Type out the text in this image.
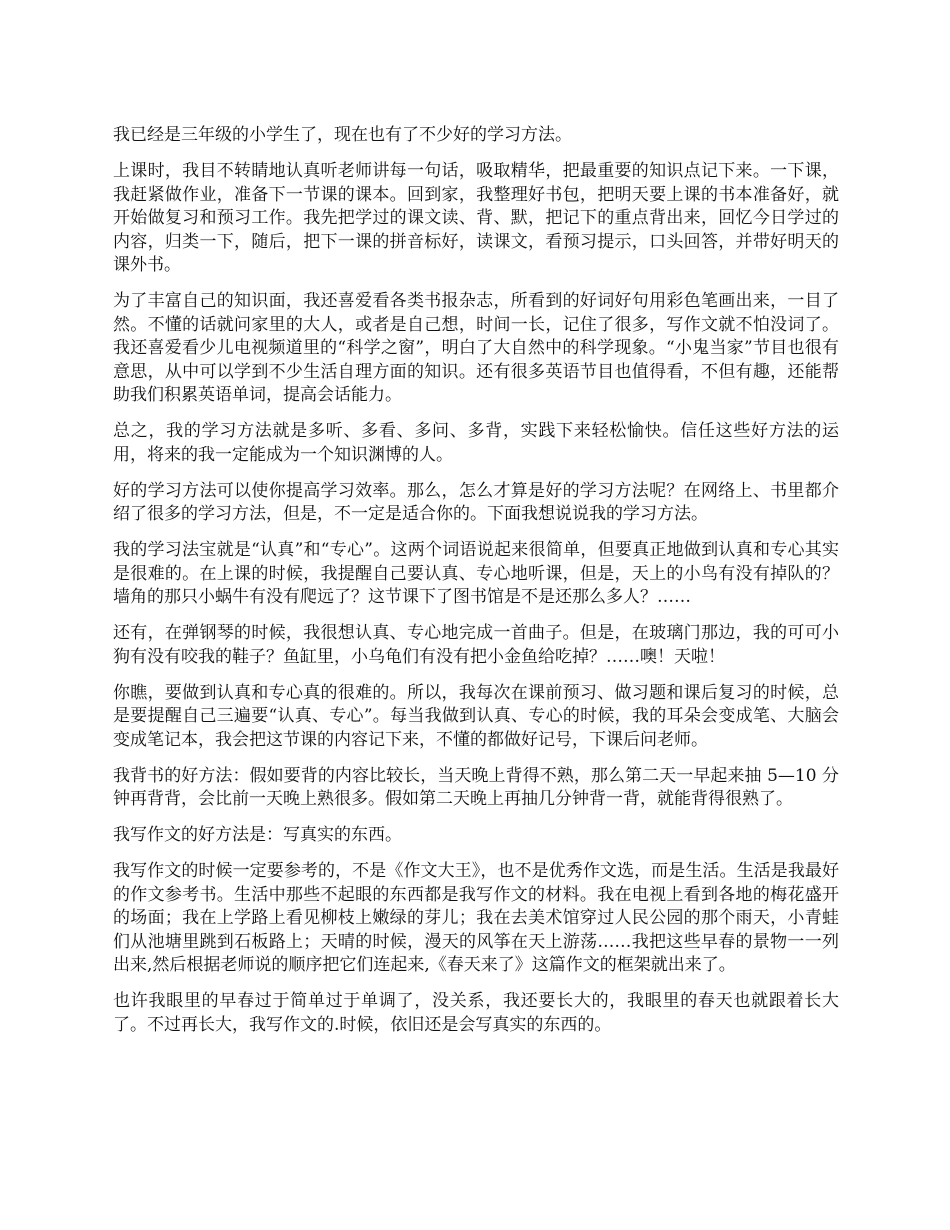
我已经是三年级的小学生了，现在也有了不少好的学习方法。

上课时，我目不转睛地认真听老师讲每一句话，吸取精华，把最重要的知识点记下来。一下课，我赶紧做作业，准备下一节课的课本。回到家，我整理好书包，把明天要上课的书本准备好，就开始做复习和预习工作。我先把学过的课文读、背、默，把记下的重点背出来，回忆今日学过的内容，归类一下，随后，把下一课的拼音标好，读课文，看预习提示，口头回答，并带好明天的课外书。

为了丰富自己的知识面，我还喜爱看各类书报杂志，所看到的好词好句用彩色笔画出来，一目了然。不懂的话就问家里的大人，或者是自己想，时间一长，记住了很多，写作文就不怕没词了。我还喜爱看少儿电视频道里的“科学之窗”，明白了大自然中的科学现象。“小鬼当家”节目也很有意思，从中可以学到不少生活自理方面的知识。还有很多英语节目也值得看，不但有趣，还能帮助我们积累英语单词，提高会话能力。

总之，我的学习方法就是多听、多看、多问、多背，实践下来轻松愉快。信任这些好方法的运用，将来的我一定能成为一个知识渊博的人。

好的学习方法可以使你提高学习效率。那么，怎么才算是好的学习方法呢？在网络上、书里都介绍了很多的学习方法，但是，不一定是适合你的。下面我想说说我的学习方法。

我的学习法宝就是“认真”和“专心”。这两个词语说起来很简单，但要真正地做到认真和专心其实是很难的。在上课的时候，我提醒自己要认真、专心地听课，但是，天上的小鸟有没有掉队的？墙角的那只小蜗牛有没有爬远了？这节课下了图书馆是不是还那么多人？……

还有，在弹钢琴的时候，我很想认真、专心地完成一首曲子。但是，在玻璃门那边，我的可可小狗有没有咬我的鞋子？鱼缸里，小乌龟们有没有把小金鱼给吃掉？……噢！天啦！

你瞧，要做到认真和专心真的很难的。所以，我每次在课前预习、做习题和课后复习的时候，总是要提醒自己三遍要“认真、专心”。每当我做到认真、专心的时候，我的耳朵会变成笔、大脑会变成笔记本，我会把这节课的内容记下来，不懂的都做好记号，下课后问老师。

我背书的好方法：假如要背的内容比较长，当天晚上背得不熟，那么第二天一早起来抽 5—10 分钟再背背，会比前一天晚上熟很多。假如第二天晚上再抽几分钟背一背，就能背得很熟了。

我写作文的好方法是：写真实的东西。

我写作文的时候一定要参考的，不是《作文大王》，也不是优秀作文选，而是生活。生活是我最好的作文参考书。生活中那些不起眼的东西都是我写作文的材料。我在电视上看到各地的梅花盛开的场面；我在上学路上看见柳枝上嫩绿的芽儿；我在去美术馆穿过人民公园的那个雨天，小青蛙们从池塘里跳到石板路上；天晴的时候，漫天的风筝在天上游荡……我把这些早春的景物一一列出来,然后根据老师说的顺序把它们连起来,《春天来了》这篇作文的框架就出来了。

也许我眼里的早春过于简单过于单调了，没关系，我还要长大的，我眼里的春天也就跟着长大了。不过再长大，我写作文的.时候，依旧还是会写真实的东西的。
